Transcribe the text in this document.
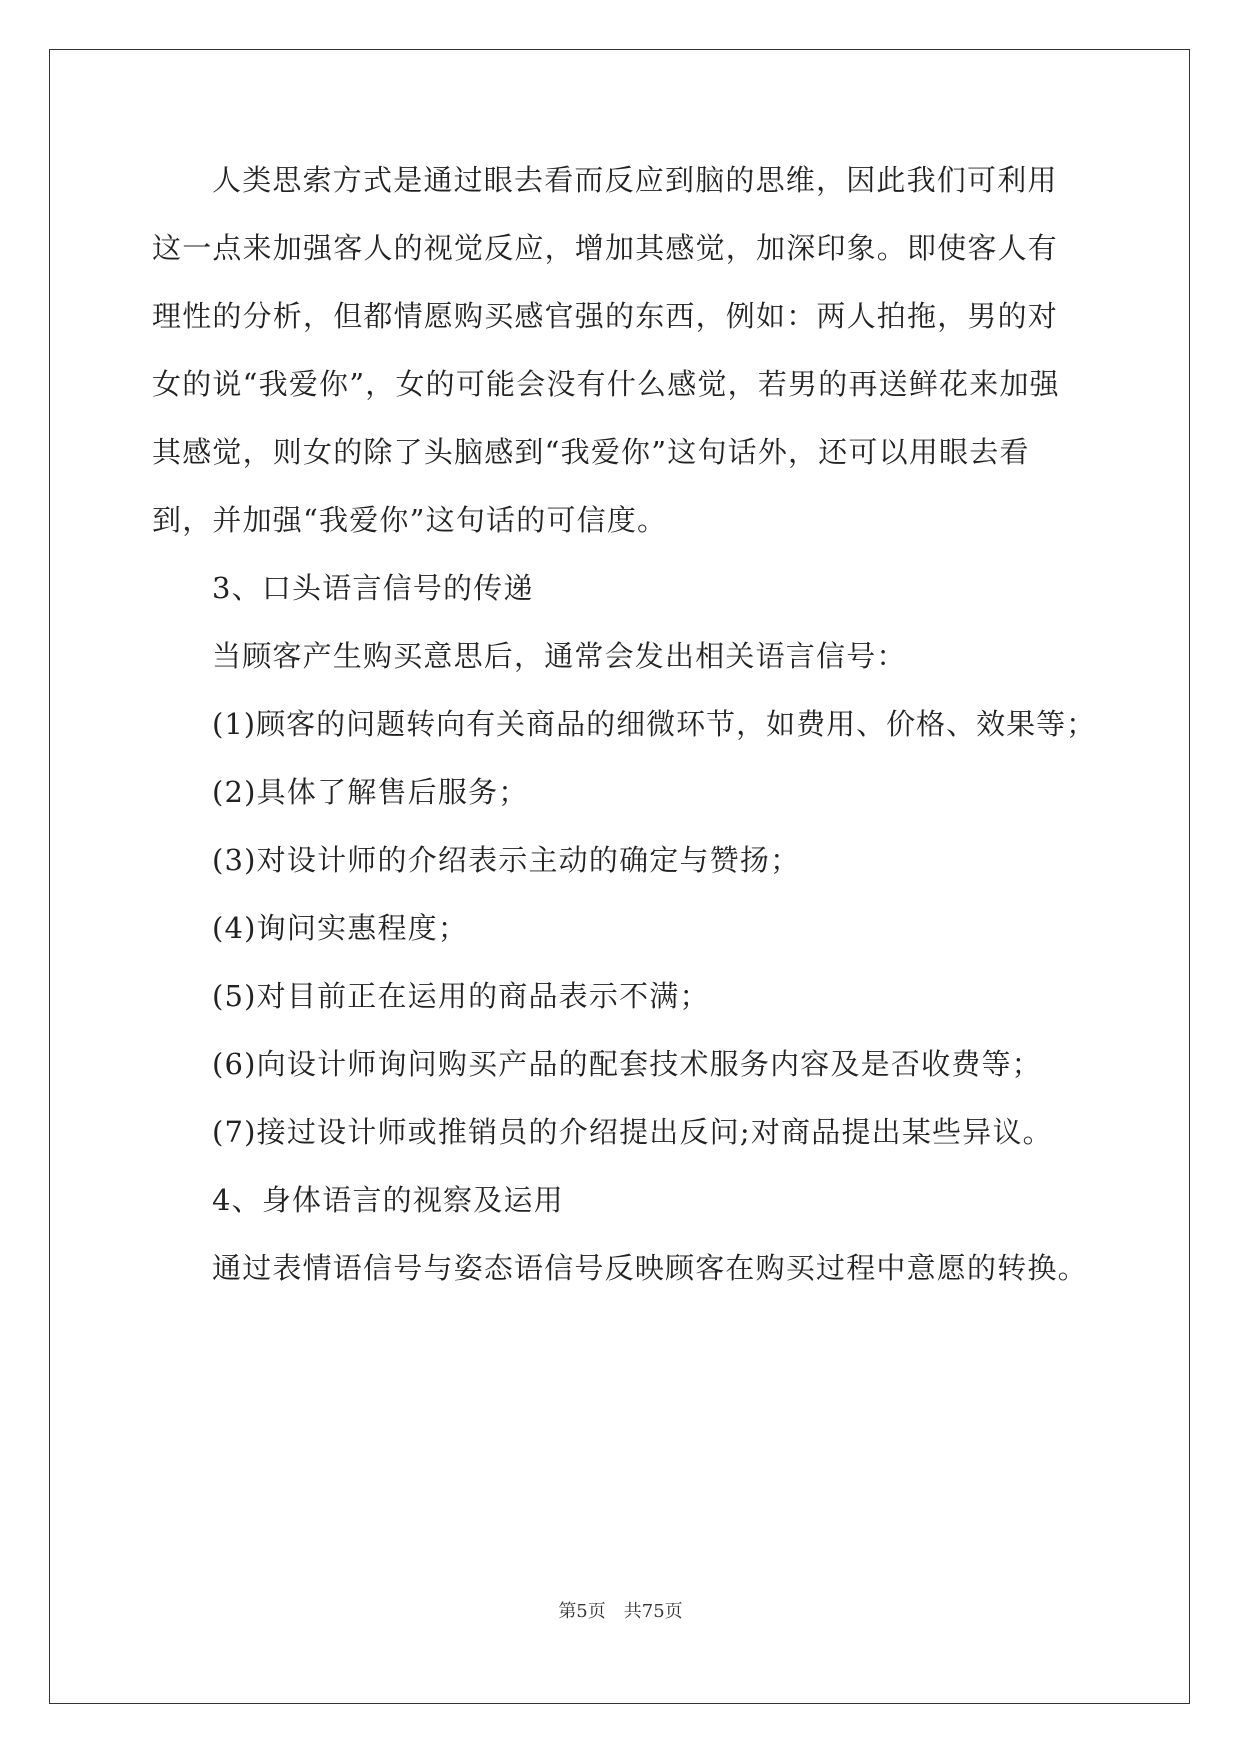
人类思索方式是通过眼去看而反应到脑的思维，因此我们可利用
这一点来加强客人的视觉反应，增加其感觉，加深印象。即使客人有
理性的分析，但都情愿购买感官强的东西，例如：两人拍拖，男的对
女的说“我爱你”，女的可能会没有什么感觉，若男的再送鲜花来加强
其感觉，则女的除了头脑感到“我爱你”这句话外，还可以用眼去看
到，并加强“我爱你”这句话的可信度。
3、口头语言信号的传递
当顾客产生购买意思后，通常会发出相关语言信号：
(1)顾客的问题转向有关商品的细微环节，如费用、价格、效果等；
(2)具体了解售后服务；
(3)对设计师的介绍表示主动的确定与赞扬；
(4)询问实惠程度；
(5)对目前正在运用的商品表示不满；
(6)向设计师询问购买产品的配套技术服务内容及是否收费等；
(7)接过设计师或推销员的介绍提出反问;对商品提出某些异议。
4、身体语言的视察及运用
通过表情语信号与姿态语信号反映顾客在购买过程中意愿的转换。
第5页　共75页
